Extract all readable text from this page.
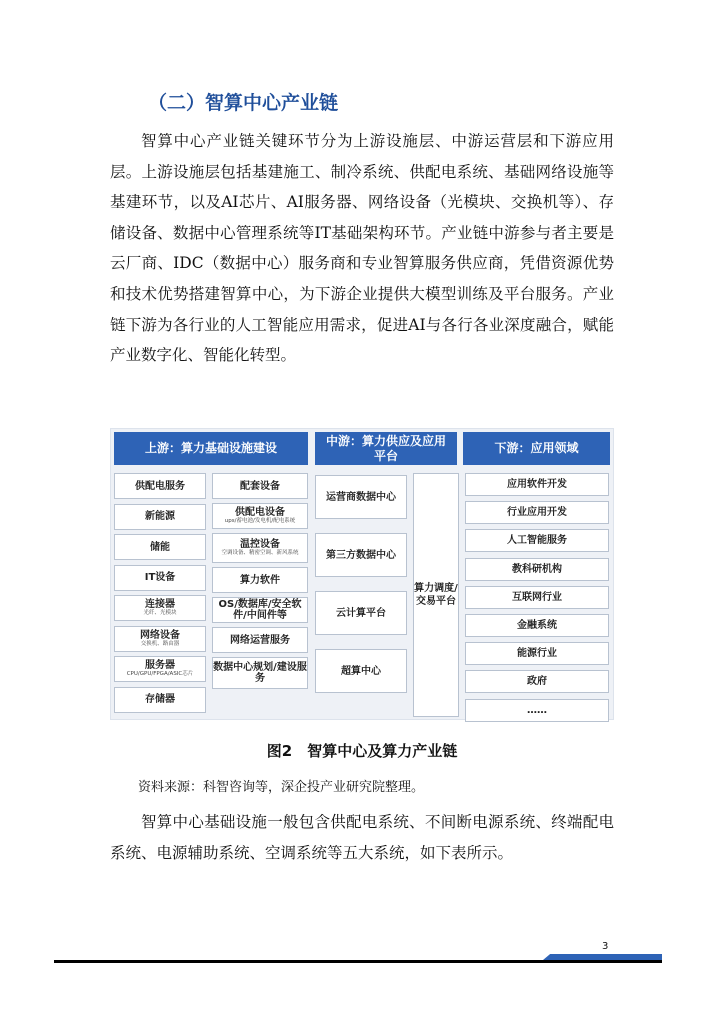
（二）智算中心产业链

智算中心产业链关键环节分为上游设施层、中游运营层和下游应用层。上游设施层包括基建施工、制冷系统、供配电系统、基础网络设施等基建环节，以及AI芯片、AI服务器、网络设备（光模块、交换机等）、存储设备、数据中心管理系统等IT基础架构环节。产业链中游参与者主要是云厂商、IDC（数据中心）服务商和专业智算服务供应商，凭借资源优势和技术优势搭建智算中心，为下游企业提供大模型训练及平台服务。产业链下游为各行业的人工智能应用需求，促进AI与各行各业深度融合，赋能产业数字化、智能化转型。

上游：算力基础设施建设
中游：算力供应及应用平台
下游：应用领域
供配电服务
新能源
储能
IT设备
连接器
光纤、光模块
网络设备
交换机、路由器
服务器
CPU/GPU/FPGA/ASIC芯片
存储器
配套设备
供配电设备
ups/蓄电池/发电机/配电系统
温控设备
空调设备、精密空调、新风系统
算力软件
OS/数据库/安全软件/中间件等
网络运营服务
数据中心规划/建设服务
运营商数据中心
第三方数据中心
云计算平台
超算中心
算力调度/交易平台
应用软件开发
行业应用开发
人工智能服务
教科研机构
互联网行业
金融系统
能源行业
政府
……
图2　智算中心及算力产业链
资料来源：科智咨询等，深企投产业研究院整理。

智算中心基础设施一般包含供配电系统、不间断电源系统、终端配电系统、电源辅助系统、空调系统等五大系统，如下表所示。

3
